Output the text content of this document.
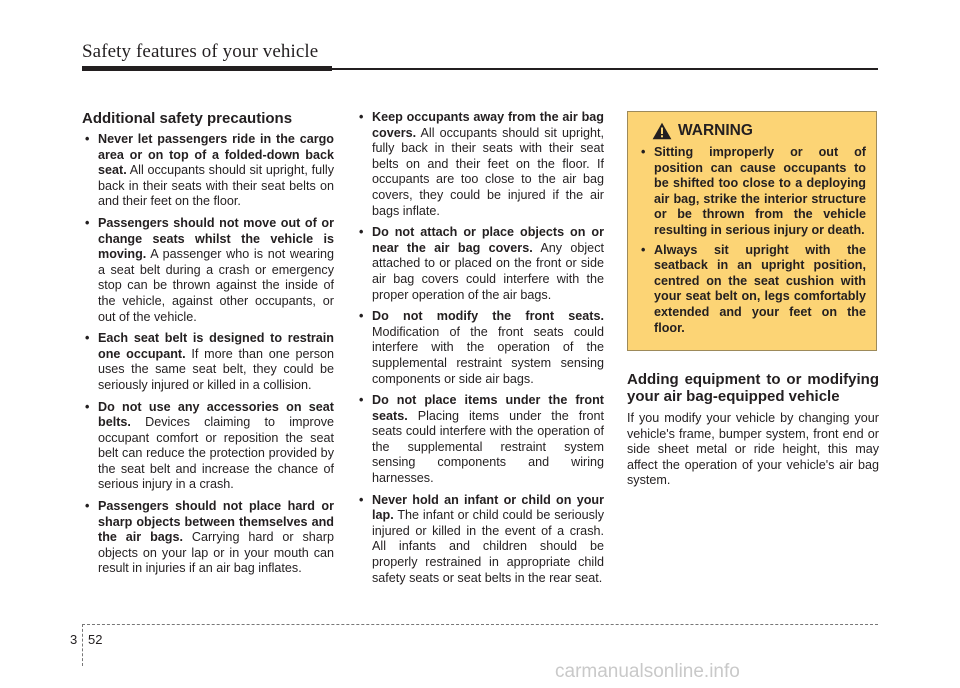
Safety features of your vehicle
Additional safety precautions
• Never let passengers ride in the cargo area or on top of a folded-down back seat. All occupants should sit upright, fully back in their seats with their seat belts on and their feet on the floor.
• Passengers should not move out of or change seats whilst the vehicle is moving. A passenger who is not wearing a seat belt during a crash or emergency stop can be thrown against the inside of the vehicle, against other occupants, or out of the vehicle.
• Each seat belt is designed to restrain one occupant. If more than one person uses the same seat belt, they could be seriously injured or killed in a collision.
• Do not use any accessories on seat belts. Devices claiming to improve occupant comfort or reposition the seat belt can reduce the protection provided by the seat belt and increase the chance of serious injury in a crash.
• Passengers should not place hard or sharp objects between themselves and the air bags. Carrying hard or sharp objects on your lap or in your mouth can result in injuries if an air bag inflates.
• Keep occupants away from the air bag covers. All occupants should sit upright, fully back in their seats with their seat belts on and their feet on the floor. If occupants are too close to the air bag covers, they could be injured if the air bags inflate.
• Do not attach or place objects on or near the air bag covers. Any object attached to or placed on the front or side air bag covers could interfere with the proper operation of the air bags.
• Do not modify the front seats. Modification of the front seats could interfere with the operation of the supplemental restraint system sensing components or side air bags.
• Do not place items under the front seats. Placing items under the front seats could interfere with the operation of the supplemental restraint system sensing components and wiring harnesses.
• Never hold an infant or child on your lap. The infant or child could be seriously injured or killed in the event of a crash. All infants and children should be properly restrained in appropriate child safety seats or seat belts in the rear seat.
WARNING
• Sitting improperly or out of position can cause occupants to be shifted too close to a deploying air bag, strike the interior structure or be thrown from the vehicle resulting in serious injury or death.
• Always sit upright with the seatback in an upright position, centred on the seat cushion with your seat belt on, legs comfortably extended and your feet on the floor.
Adding equipment to or modifying your air bag-equipped vehicle
If you modify your vehicle by changing your vehicle's frame, bumper system, front end or side sheet metal or ride height, this may affect the operation of your vehicle's air bag system.
3 52
carmanualsonline.info
